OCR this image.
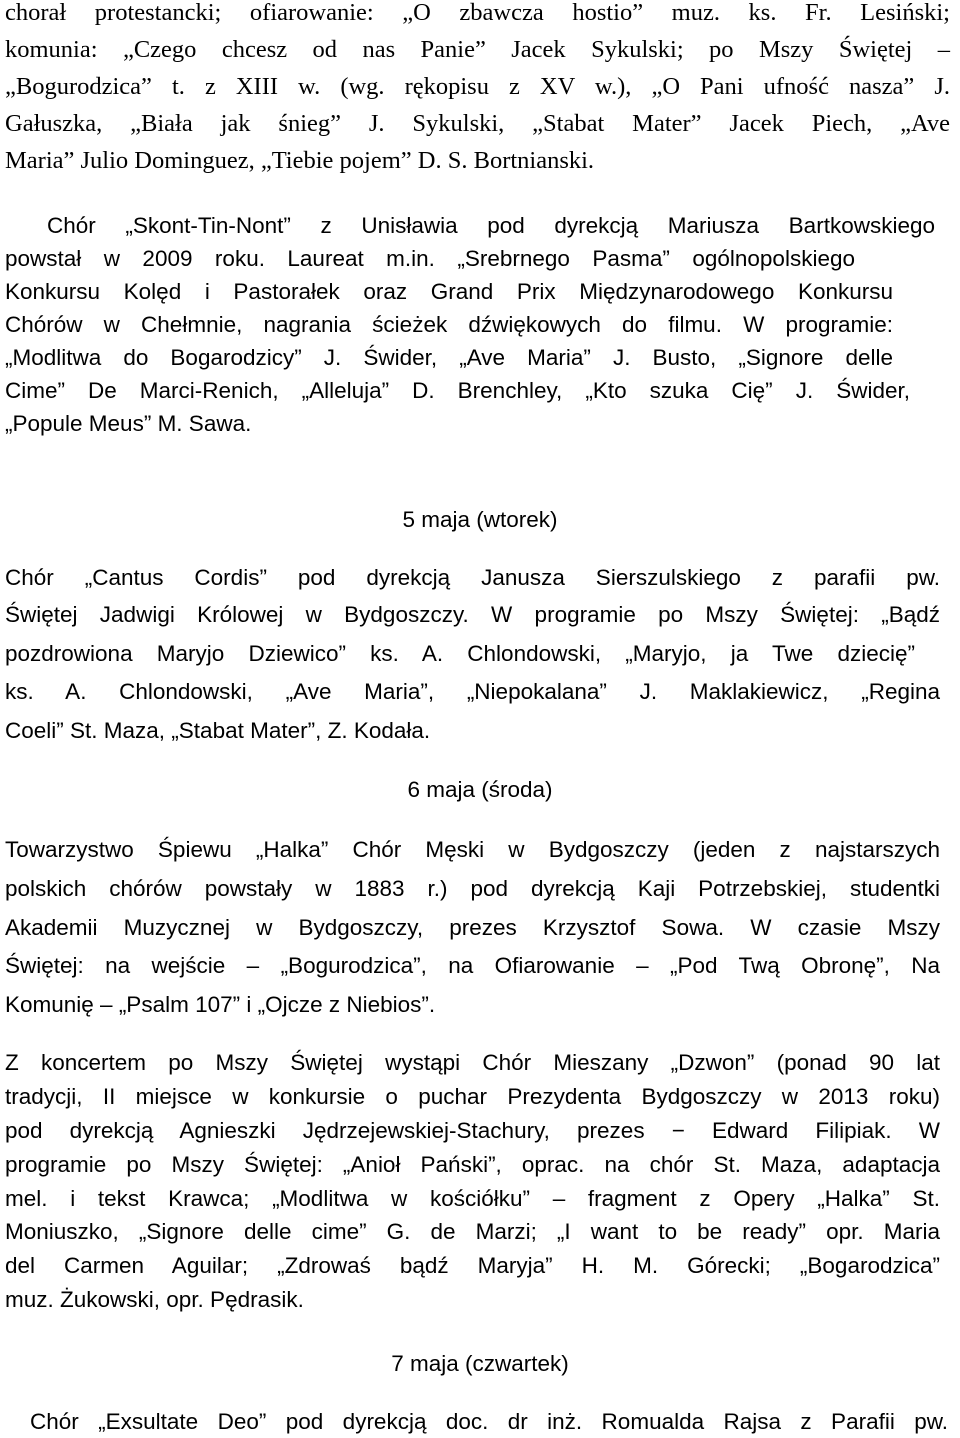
chorał protestancki; ofiarowanie: „O zbawcza hostio” muz. ks. Fr. Lesiński;
komunia: „Czego chcesz od nas Panie” Jacek Sykulski; po Mszy Świętej –
„Bogurodzica” t. z XIII w. (wg. rękopisu z XV w.), „O Pani ufność nasza” J.
Gałuszka, „Biała jak śnieg” J. Sykulski, „Stabat Mater” Jacek Piech, „Ave
Maria” Julio Dominguez, „Tiebie pojem” D. S. Bortnianski.
Chór „Skont-Tin-Nont” z Unisławia pod dyrekcją Mariusza Bartkowskiego
powstał w 2009 roku. Laureat m.in. „Srebrnego Pasma” ogólnopolskiego
Konkursu Kolęd i Pastorałek oraz Grand Prix Międzynarodowego Konkursu
Chórów w Chełmnie, nagrania ścieżek dźwiękowych do filmu. W programie:
„Modlitwa do Bogarodzicy” J. Świder, „Ave Maria” J. Busto, „Signore delle
Cime” De Marci-Renich, „Alleluja” D. Brenchley, „Kto szuka Cię” J. Świder,
„Popule Meus” M. Sawa.
5 maja (wtorek)
Chór „Cantus Cordis” pod dyrekcją Janusza Sierszulskiego z parafii pw.
Świętej Jadwigi Królowej w Bydgoszczy. W programie po Mszy Świętej: „Bądź
pozdrowiona Maryjo Dziewico” ks. A. Chlondowski, „Maryjo, ja Twe dziecię”
ks. A. Chlondowski, „Ave Maria”, „Niepokalana” J. Maklakiewicz, „Regina
Coeli” St. Maza, „Stabat Mater”, Z. Kodała.
6 maja (środa)
Towarzystwo Śpiewu „Halka” Chór Męski w Bydgoszczy (jeden z najstarszych
polskich chórów powstały w 1883 r.) pod dyrekcją Kaji Potrzebskiej, studentki
Akademii Muzycznej w Bydgoszczy, prezes Krzysztof Sowa. W czasie Mszy
Świętej: na wejście – „Bogurodzica”, na Ofiarowanie – „Pod Twą Obronę”, Na
Komunię – „Psalm 107” i „Ojcze z Niebios”.
Z koncertem po Mszy Świętej wystąpi Chór Mieszany „Dzwon” (ponad 90 lat
tradycji, II miejsce w konkursie o puchar Prezydenta Bydgoszczy w 2013 roku)
pod dyrekcją Agnieszki Jędrzejewskiej-Stachury, prezes − Edward Filipiak. W
programie po Mszy Świętej: „Anioł Pański”, oprac. na chór St. Maza, adaptacja
mel. i tekst Krawca; „Modlitwa w kościółku” – fragment z Opery „Halka” St.
Moniuszko, „Signore delle cime” G. de Marzi; „I want to be ready” opr. Maria
del Carmen Aguilar; „Zdrowaś bądź Maryja” H. M. Górecki; „Bogarodzica”
muz. Żukowski, opr. Pędrasik.
7 maja (czwartek)
Chór „Exsultate Deo” pod dyrekcją doc. dr inż. Romualda Rajsa z Parafii pw.
